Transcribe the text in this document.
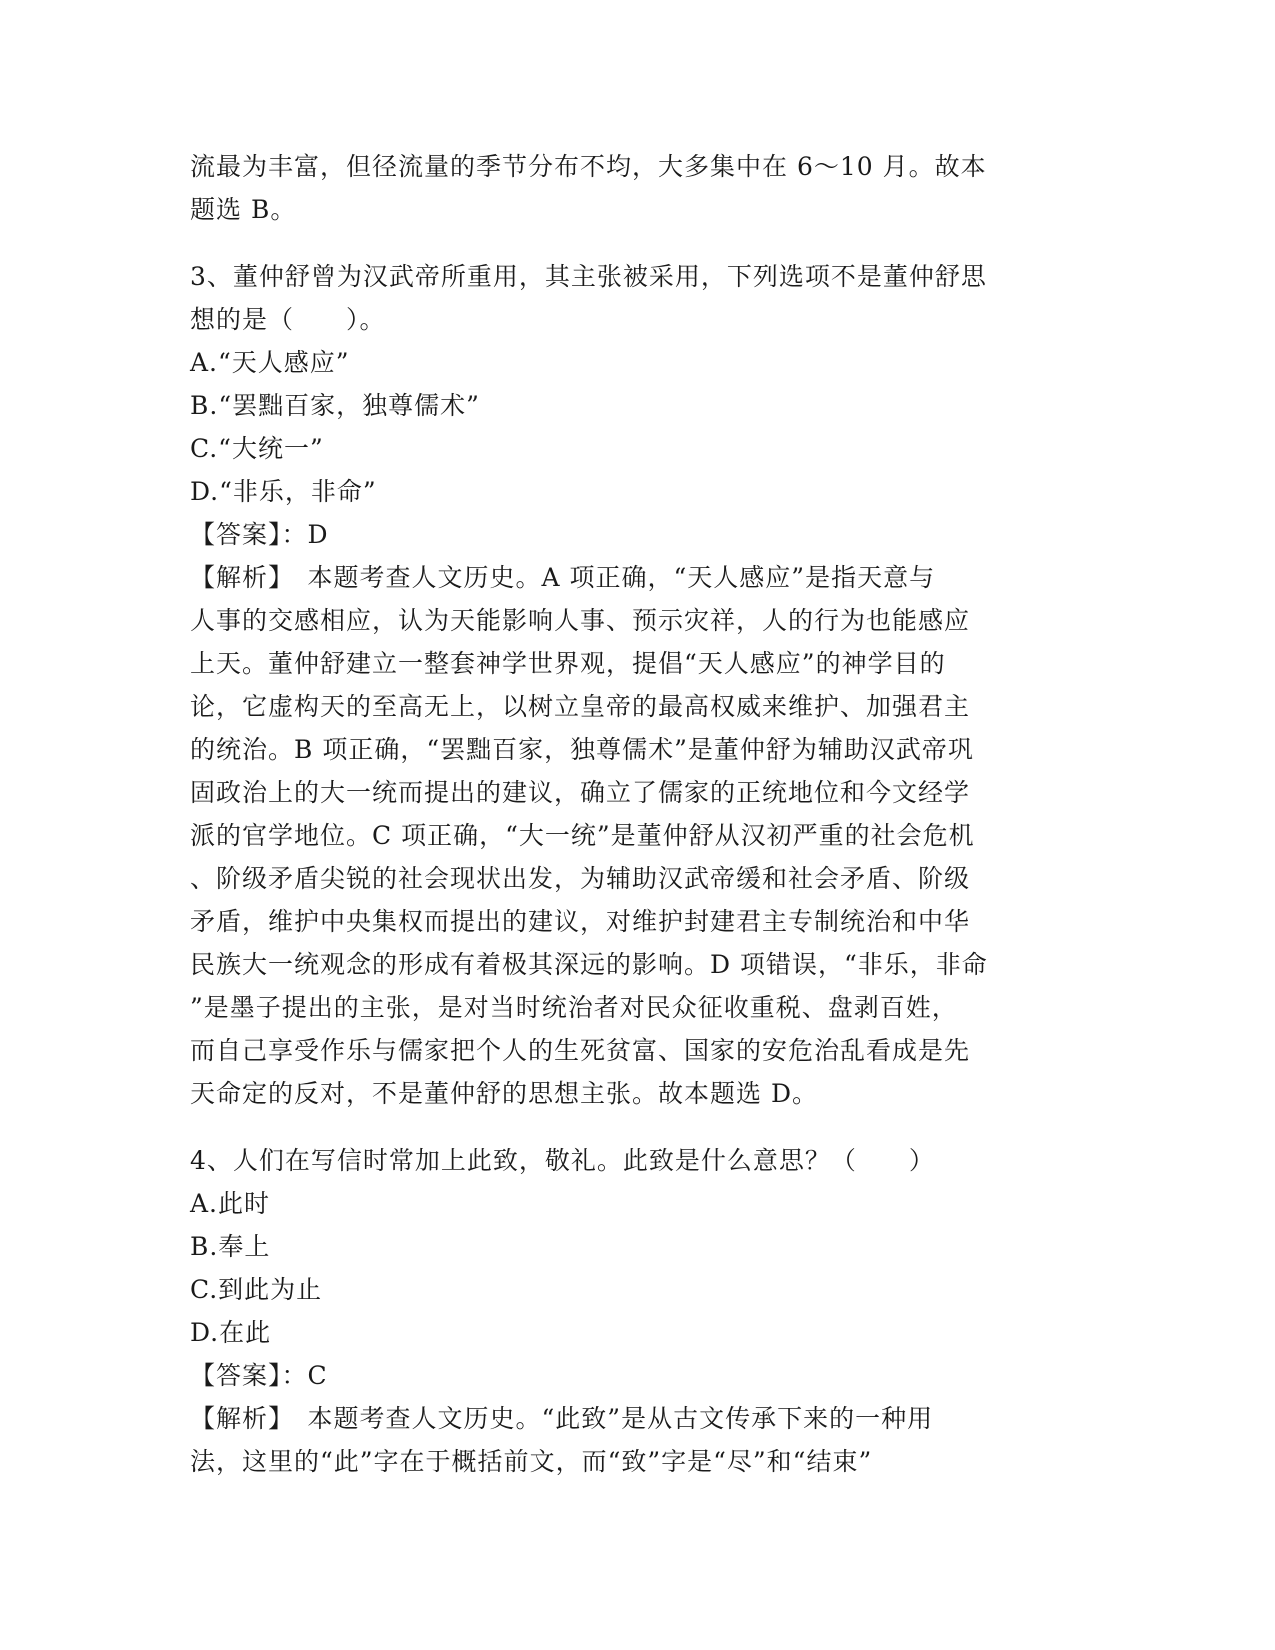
流最为丰富，但径流量的季节分布不均，大多集中在 6～10 月。故本
题选 B。
3、董仲舒曾为汉武帝所重用，其主张被采用，下列选项不是董仲舒思
想的是（　　）。
A.“天人感应”
B.“罢黜百家，独尊儒术”
C.“大统一”
D.“非乐，非命”
【答案】：D
【解析】　本题考查人文历史。A 项正确，“天人感应”是指天意与
人事的交感相应，认为天能影响人事、预示灾祥，人的行为也能感应
上天。董仲舒建立一整套神学世界观，提倡“天人感应”的神学目的
论，它虚构天的至高无上，以树立皇帝的最高权威来维护、加强君主
的统治。B 项正确，“罢黜百家，独尊儒术”是董仲舒为辅助汉武帝巩
固政治上的大一统而提出的建议，确立了儒家的正统地位和今文经学
派的官学地位。C 项正确，“大一统”是董仲舒从汉初严重的社会危机
、阶级矛盾尖锐的社会现状出发，为辅助汉武帝缓和社会矛盾、阶级
矛盾，维护中央集权而提出的建议，对维护封建君主专制统治和中华
民族大一统观念的形成有着极其深远的影响。D 项错误，“非乐，非命
”是墨子提出的主张，是对当时统治者对民众征收重税、盘剥百姓，
而自己享受作乐与儒家把个人的生死贫富、国家的安危治乱看成是先
天命定的反对，不是董仲舒的思想主张。故本题选 D。
4、人们在写信时常加上此致，敬礼。此致是什么意思？（　　）
A.此时
B.奉上
C.到此为止
D.在此
【答案】：C
【解析】　本题考查人文历史。“此致”是从古文传承下来的一种用
法，这里的“此”字在于概括前文，而“致”字是“尽”和“结束”
